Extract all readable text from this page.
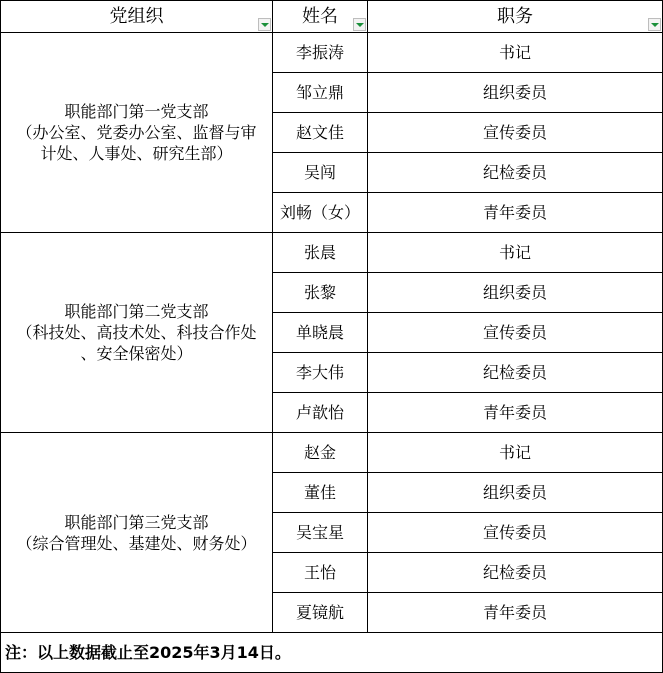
党组织	姓名	职务

职能部门第一党支部
（办公室、党委办公室、监督与审
计处、人事处、研究生部）	李振涛	书记
	邹立鼎	组织委员
	赵文佳	宣传委员
	吴闯	纪检委员
	刘畅（女）	青年委员

职能部门第二党支部
（科技处、高技术处、科技合作处
、安全保密处）	张晨	书记
	张黎	组织委员
	单晓晨	宣传委员
	李大伟	纪检委员
	卢歆怡	青年委员

职能部门第三党支部
（综合管理处、基建处、财务处）	赵金	书记
	董佳	组织委员
	吴宝星	宣传委员
	王怡	纪检委员
	夏镜航	青年委员
注：以上数据截止至2025年3月14日。		
